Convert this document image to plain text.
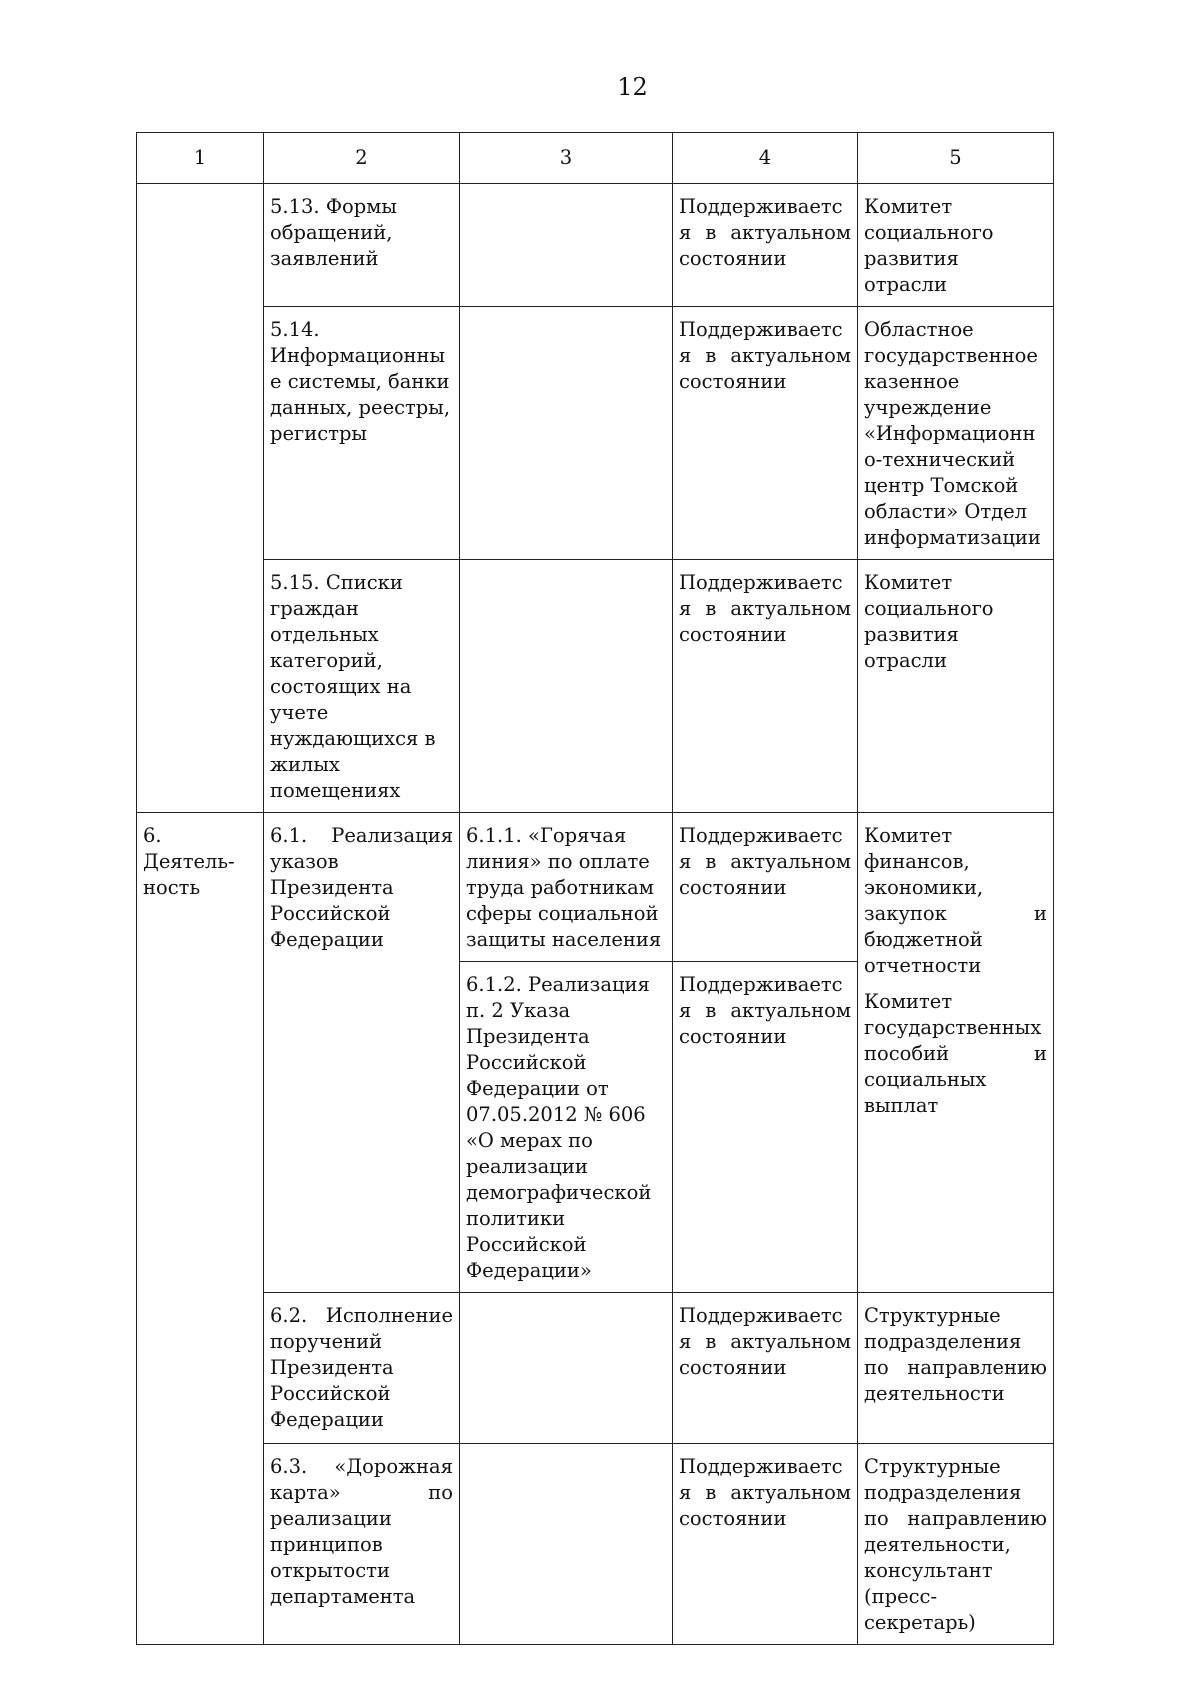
12
1	2	3	4	5
	5.13. Формы обращений, заявлений		Поддерживается в актуальном состоянии	Комитет социального развития отрасли
	5.14. Информационные системы, банки данных, реестры, регистры		Поддерживается в актуальном состоянии	Областное государственное казенное учреждение «Информационно-технический центр Томской области» Отдел информатизации
	5.15. Списки граждан отдельных категорий, состоящих на учете нуждающихся в жилых помещениях		Поддерживается в актуальном состоянии	Комитет социального развития отрасли
6. Деятель-ность	6.1. Реализация указов Президента Российской Федерации	6.1.1. «Горячая линия» по оплате труда работникам сферы социальной защиты населения	Поддерживается в актуальном состоянии	Комитет финансов, экономики, закупок и бюджетной отчетности
Комитет государственных пособий и социальных выплат

		6.1.2. Реализация п. 2 Указа Президента Российской Федерации от 07.05.2012 № 606 «О мерах по реализации демографической политики Российской Федерации»	Поддерживается в актуальном состоянии	
	6.2. Исполнение поручений Президента Российской Федерации		Поддерживается в актуальном состоянии	Структурные подразделения по направлению деятельности
	6.3. «Дорожная карта» по реализации принципов открытости департамента		Поддерживается в актуальном состоянии	Структурные подразделения по направлению деятельности, консультант (пресс-секретарь)
